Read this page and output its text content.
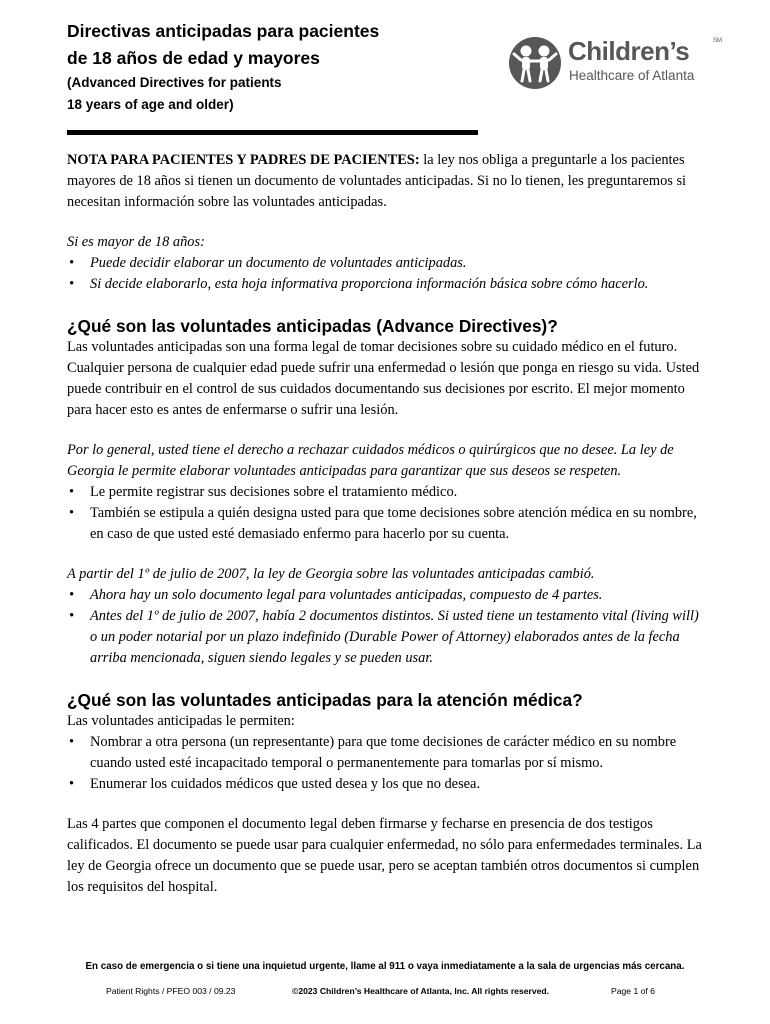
Directivas anticipadas para pacientes
de 18 años de edad y mayores
(Advanced Directives for patients
18 years of age and older)
Children’s	SM
Healthcare of Atlanta

NOTA PARA PACIENTES Y PADRES DE PACIENTES: la ley nos obliga a preguntarle a los pacientes mayores de 18 años si tienen un documento de voluntades anticipadas. Si no lo tienen, les preguntaremos si necesitan información sobre las voluntades anticipadas.

Si es mayor de 18 años:

• Puede decidir elaborar un documento de voluntades anticipadas.
• Si decide elaborarlo, esta hoja informativa proporciona información básica sobre cómo hacerlo.
¿Qué son las voluntades anticipadas (Advance Directives)?

Las voluntades anticipadas son una forma legal de tomar decisiones sobre su cuidado médico en el futuro. Cualquier persona de cualquier edad puede sufrir una enfermedad o lesión que ponga en riesgo su vida. Usted puede contribuir en el control de sus cuidados documentando sus decisiones por escrito. El mejor momento para hacer esto es antes de enfermarse o sufrir una lesión.

Por lo general, usted tiene el derecho a rechazar cuidados médicos o quirúrgicos que no desee. La ley de Georgia le permite elaborar voluntades anticipadas para garantizar que sus deseos se respeten.

• Le permite registrar sus decisiones sobre el tratamiento médico.
• También se estipula a quién designa usted para que tome decisiones sobre atención médica en su nombre, en caso de que usted esté demasiado enfermo para hacerlo por su cuenta.

A partir del 1º de julio de 2007, la ley de Georgia sobre las voluntades anticipadas cambió.

• Ahora hay un solo documento legal para voluntades anticipadas, compuesto de 4 partes.
• Antes del 1º de julio de 2007, había 2 documentos distintos. Si usted tiene un testamento vital (living will) o un poder notarial por un plazo indefinido (Durable Power of Attorney) elaborados antes de la fecha arriba mencionada, siguen siendo legales y se pueden usar.
¿Qué son las voluntades anticipadas para la atención médica?

Las voluntades anticipadas le permiten:

• Nombrar a otra persona (un representante) para que tome decisiones de carácter médico en su nombre cuando usted esté incapacitado temporal o permanentemente para tomarlas por sí mismo.
• Enumerar los cuidados médicos que usted desea y los que no desea.

Las 4 partes que componen el documento legal deben firmarse y fecharse en presencia de dos testigos calificados. El documento se puede usar para cualquier enfermedad, no sólo para enfermedades terminales. La ley de Georgia ofrece un documento que se puede usar, pero se aceptan también otros documentos si cumplen los requisitos del hospital.

En caso de emergencia o si tiene una inquietud urgente, llame al 911 o vaya inmediatamente a la sala de urgencias más cercana.
Patient Rights / PFEO 003 / 09.23	©2023 Children’s Healthcare of Atlanta, Inc. All rights reserved.	Page 1 of 6
